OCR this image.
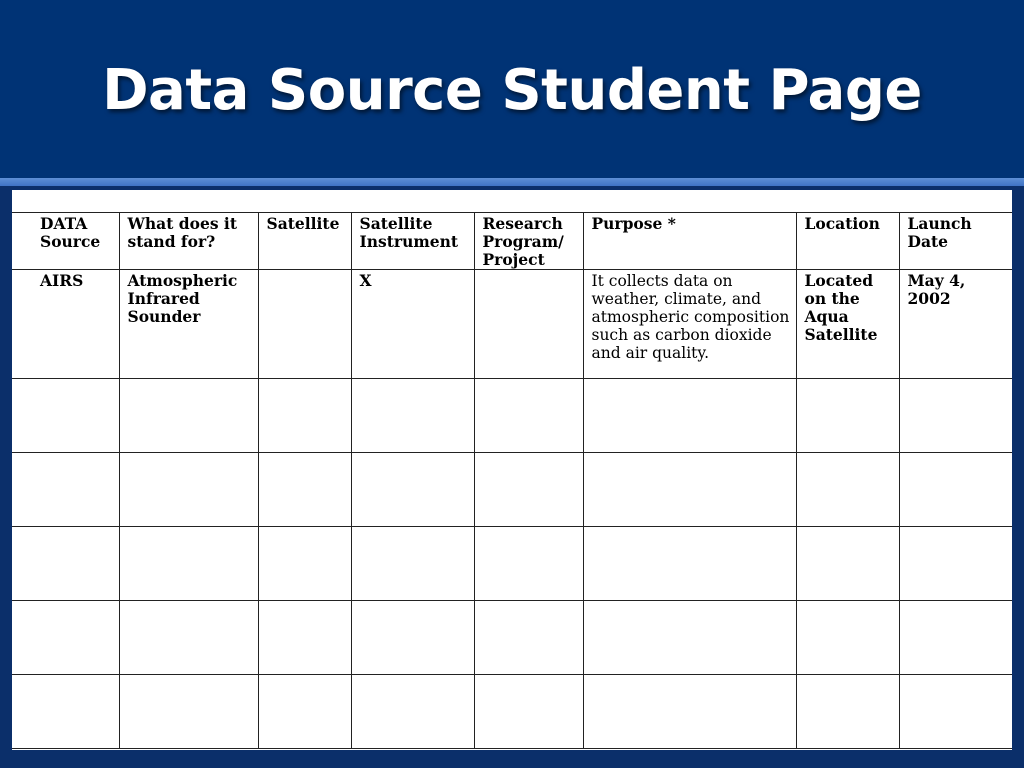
Data Source Student Page
DATA Source	What does it stand for?	Satellite	Satellite Instrument	Research Program/ Project	Purpose *	Location	Launch Date
AIRS	Atmospheric Infrared Sounder		X		It collects data on weather, climate, and atmospheric composition such as carbon dioxide and air quality.	Located on the Aqua Satellite	May 4, 2002
